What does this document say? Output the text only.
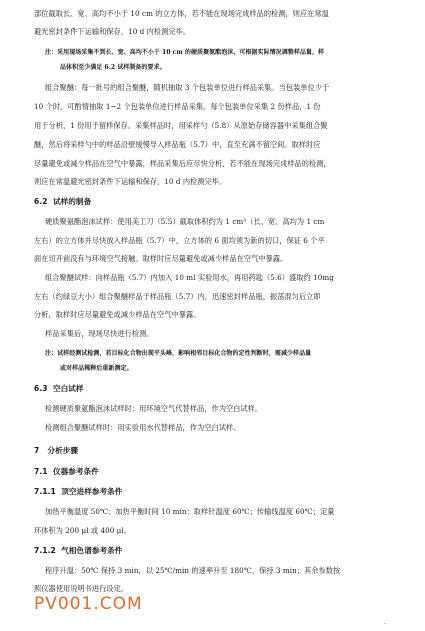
部位截取长、宽、高均不小于 10 cm 的立方体，若不能在现场完成样品的检测，则应在常温
避光密封条件下运输和保存，10 d 内检测完毕。
注：采用现场采集不到长、宽、高均不小于 10 cm 的硬质聚氨酯泡沫，可根据实际情况调整样品量，样
品体积至少满足 6.2 试样制备的要求。
组合聚醚：每一批号的组合聚醚，随机抽取 3 个包装单位进行样品采集。当包装单位少于
10 个时，可酌情抽取 1~2 个包装单位进行样品采集。每个包装单位采集 2 份样品，1 份
用于分析，1 份用于留样保存。采集样品时，用采样勺（5.8）从原始存储容器中采集组合聚
醚，然后将采样勺中的样品沿壁缓慢导入样品瓶（5.7）中，直至充满不留空间。取样时应
尽量避免或减少样品在空气中暴露，样品采集后应尽快分析，若不能在现场完成样品的检测，
则应在常温避光密封条件下运输和保存，10 d 内检测完毕。
6.2 试样的制备
硬质聚氨酯泡沫试样：使用美工刀（5.5）截取体积约为 1 cm³（长、宽、高均为 1 cm
左右）的立方体并尽快放入样品瓶（5.7）中，立方体的 6 面均须为新的切口，保证 6 个平
面在切开前没有与环境空气接触。取样时应尽量避免或减少样品在空气中暴露。
组合聚醚试样：向样品瓶（5.7）内加入 10 ml 实验用水，再用药匙（5.6）盛取约 10mg
左右（约绿豆大小）组合聚醚样品于样品瓶（5.7）内，迅速密封样品瓶，振荡混匀后立即
分析，取样时应尽量避免或减少样品在空气中暴露。
样品采集后，现场尽快进行检测。
注：试样经测试检测，若目标化合物出现平头峰，影响相邻目标化合物的定性判断时，需减少样品量
或对样品稀释后重新测定。
6.3 空白试样
检测硬质聚氨酯泡沫试样时：用环境空气代替样品，作为空白试样。
检测组合聚醚试样时：用实验用水代替样品，作为空白试样。
7 分析步骤
7.1 仪器参考条件
7.1.1 顶空进样参考条件
加热平衡温度 50℃；加热平衡时间 10 min；取样针温度 60℃；传输线温度 60℃；定量
环体积为 200 μl 或 400 μl。
7.1.2 气相色谱参考条件
程序升温：50℃ 保持 3 min，以 25℃/min 的速率升至 180℃，保持 3 min；其余参数按
照仪器使用说明书进行设定。
PV001.COM
·
